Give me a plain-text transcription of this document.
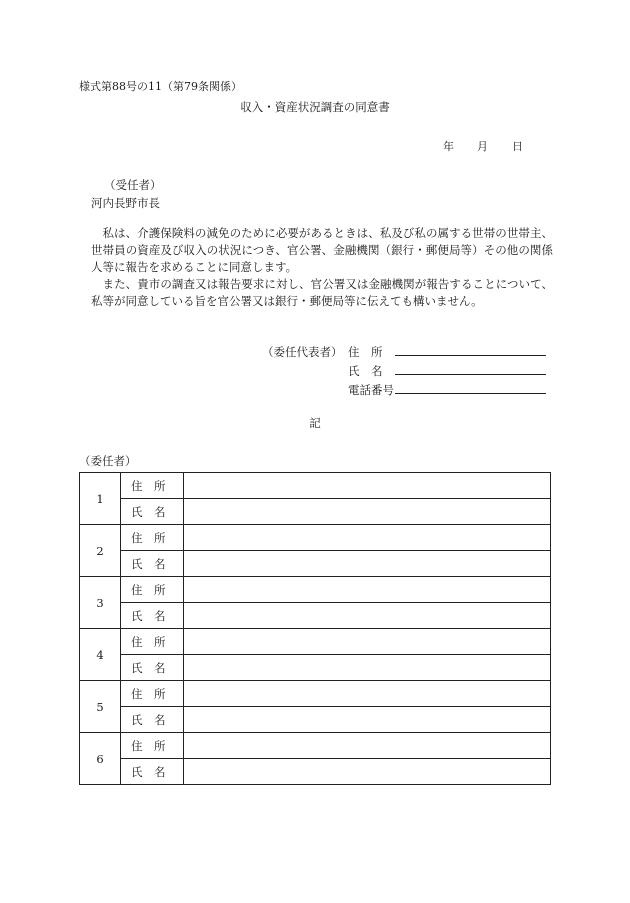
様式第88号の11（第79条関係）
収入・資産状況調査の同意書
年 月 日
（受任者）
河内長野市長

私は、介護保険料の減免のために必要があるときは、私及び私の属する世帯の世帯主、世帯員の資産及び収入の状況につき、官公署、金融機関（銀行・郵便局等）その他の関係人等に報告を求めることに同意します。

また、貴市の調査又は報告要求に対し、官公署又は金融機関が報告することについて、私等が同意している旨を官公署又は銀行・郵便局等に伝えても構いません。

（委任代表者） 住　所
氏　名
電話番号
記
（委任者）
1	住　所	
	氏　名	
2	住　所	
	氏　名	
3	住　所	
	氏　名	
4	住　所	
	氏　名	
5	住　所	
	氏　名	
6	住　所	
	氏　名	
